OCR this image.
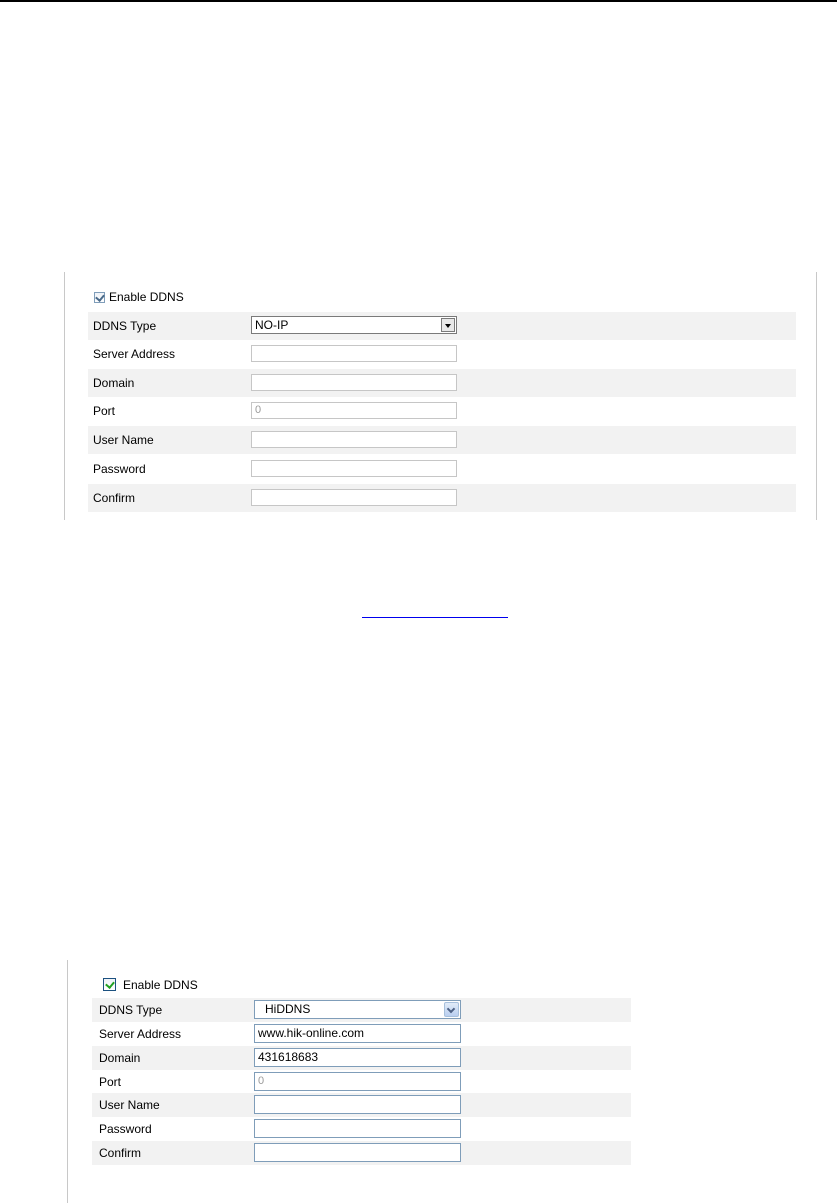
Enable DDNS
DDNS Type	NO-IP
Server Address
Domain
Port	0
User Name
Password
Confirm
Enable DDNS
DDNS Type	HiDDNS
Server Address	www.hik-online.com
Domain	431618683
Port	0
User Name
Password
Confirm
